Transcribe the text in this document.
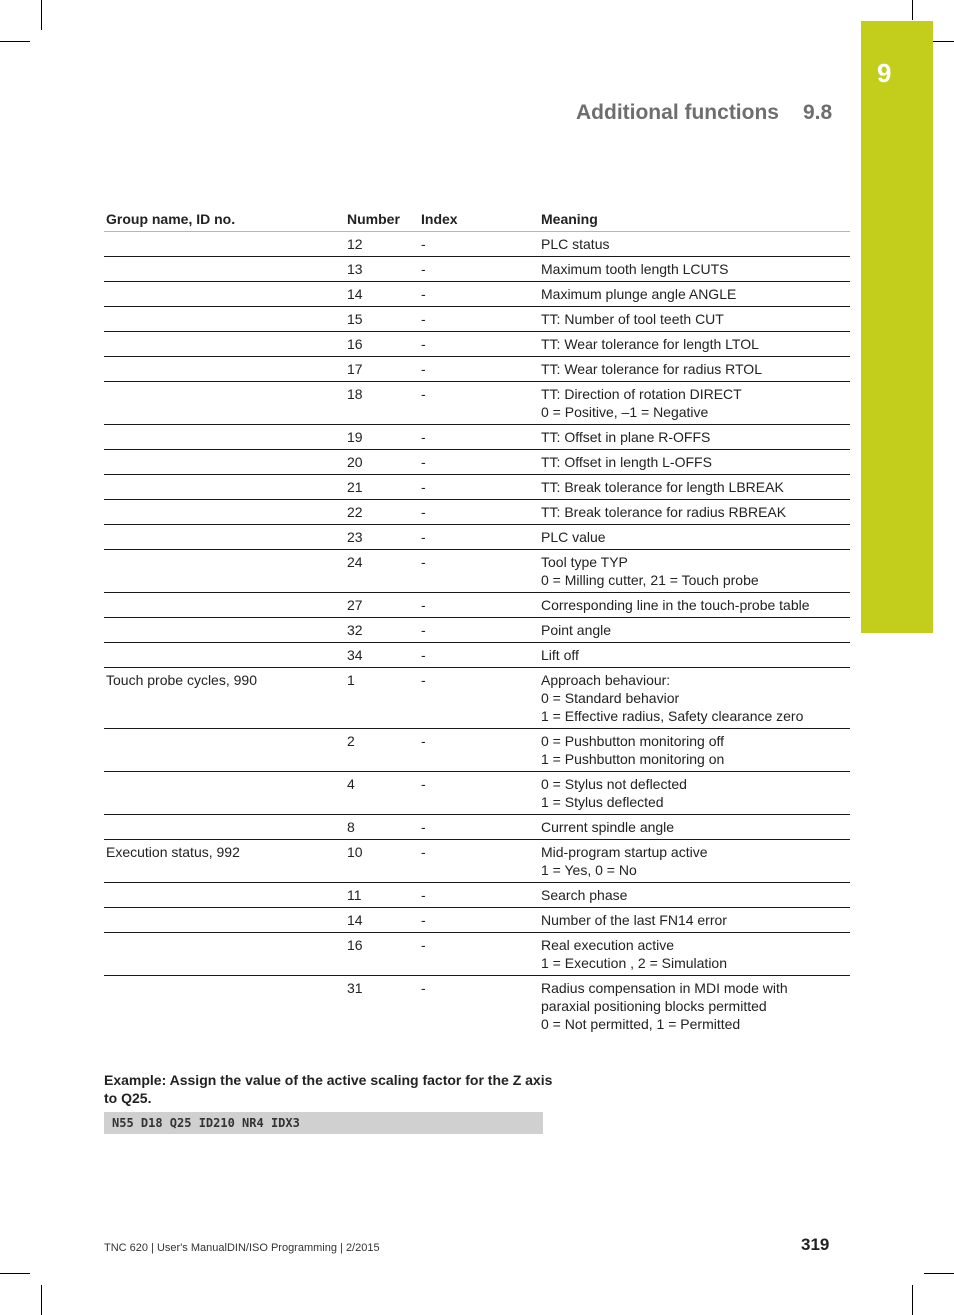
9
Additional functions 9.8
Group name, ID no.	Number	Index	Meaning
	12	-	PLC status

	13	-	Maximum tooth length LCUTS

	14	-	Maximum plunge angle ANGLE

	15	-	TT: Number of tool teeth CUT

	16	-	TT: Wear tolerance for length LTOL

	17	-	TT: Wear tolerance for radius RTOL

	18	-	TT: Direction of rotation DIRECT
0 = Positive, –1 = Negative

	19	-	TT: Offset in plane R-OFFS

	20	-	TT: Offset in length L-OFFS

	21	-	TT: Break tolerance for length LBREAK

	22	-	TT: Break tolerance for radius RBREAK

	23	-	PLC value

	24	-	Tool type TYP
0 = Milling cutter, 21 = Touch probe

	27	-	Corresponding line in the touch-probe table

	32	-	Point angle

	34	-	Lift off

Touch probe cycles, 990	1	-	Approach behaviour:
0 = Standard behavior
1 = Effective radius, Safety clearance zero

	2	-	0 = Pushbutton monitoring off
1 = Pushbutton monitoring on

	4	-	0 = Stylus not deflected
1 = Stylus deflected

	8	-	Current spindle angle

Execution status, 992	10	-	Mid-program startup active
1 = Yes, 0 = No

	11	-	Search phase

	14	-	Number of the last FN14 error

	16	-	Real execution active
1 = Execution , 2 = Simulation

	31	-	Radius compensation in MDI mode with
paraxial positioning blocks permitted
0 = Not permitted, 1 = Permitted
Example: Assign the value of the active scaling factor for the Z axis to Q25.
N55 D18 Q25 ID210 NR4 IDX3
TNC 620 | User's ManualDIN/ISO Programming | 2/2015	319
